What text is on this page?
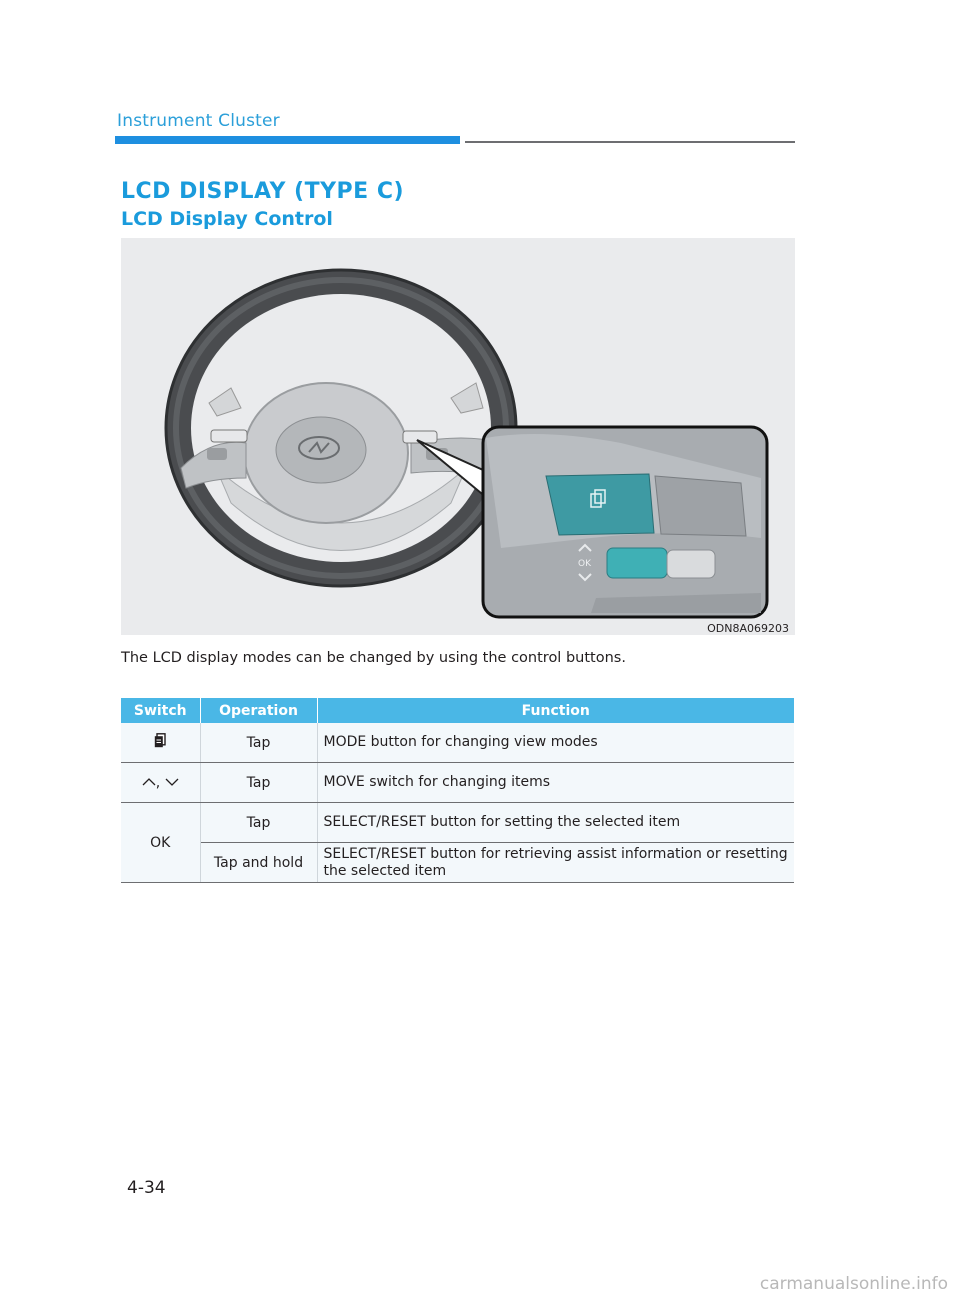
Instrument Cluster
LCD DISPLAY (TYPE C)
LCD Display Control
OK
ODN8A069203
The LCD display modes can be changed by using the control buttons.
Switch	Operation	Function
	Tap	MODE button for changing view modes
,	Tap	MOVE switch for changing items
OK	Tap	SELECT/RESET button for setting the selected item
	Tap and hold	SELECT/RESET button for retrieving assist information or resetting the selected item
4-34
carmanualsonline.info
